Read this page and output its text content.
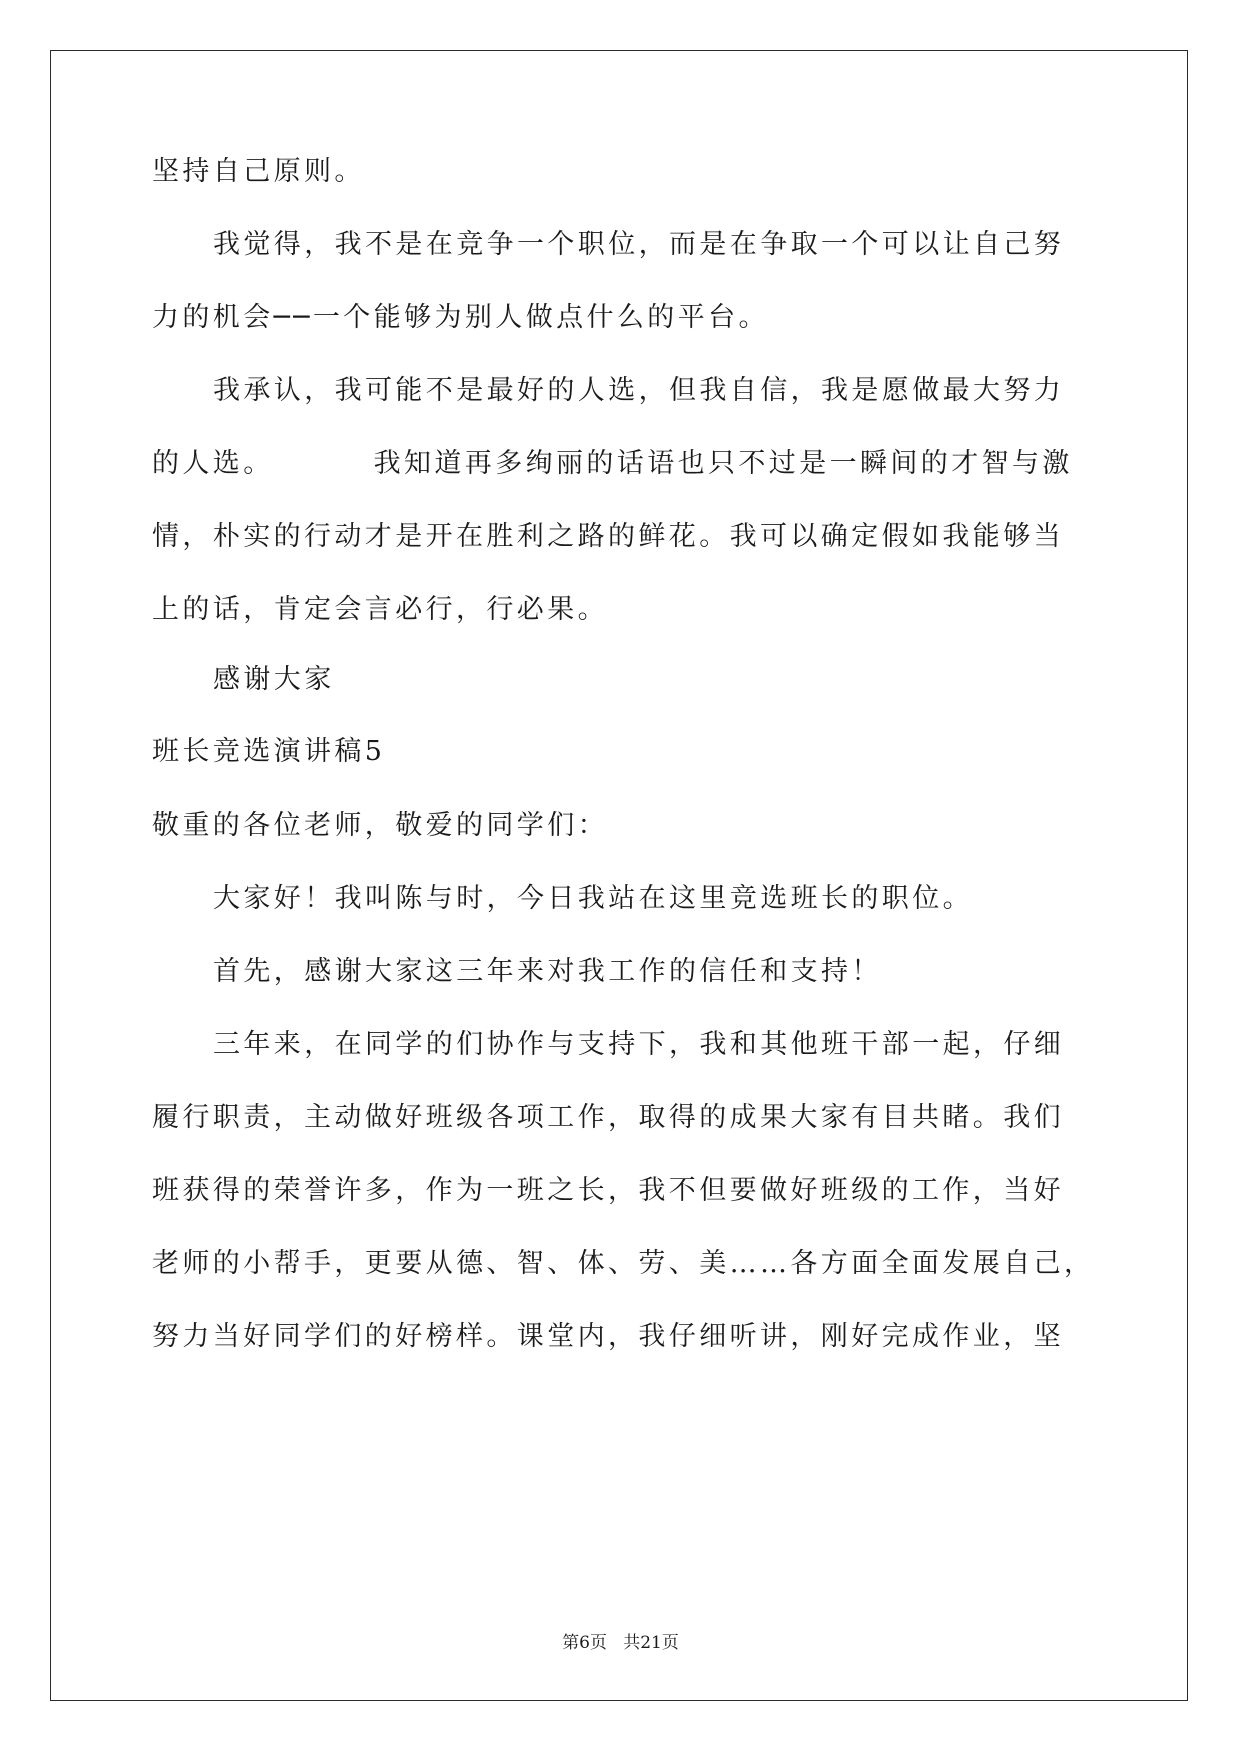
坚持自己原则。
我觉得，我不是在竞争一个职位，而是在争取一个可以让自己努
力的机会──一个能够为别人做点什么的平台。
我承认，我可能不是最好的人选，但我自信，我是愿做最大努力
的人选。	我知道再多绚丽的话语也只不过是一瞬间的才智与激
情，朴实的行动才是开在胜利之路的鲜花。我可以确定假如我能够当
上的话，肯定会言必行，行必果。
感谢大家
班长竞选演讲稿5
敬重的各位老师，敬爱的同学们：
大家好！我叫陈与时，今日我站在这里竞选班长的职位。
首先，感谢大家这三年来对我工作的信任和支持！
三年来，在同学的们协作与支持下，我和其他班干部一起，仔细
履行职责，主动做好班级各项工作，取得的成果大家有目共睹。我们
班获得的荣誉许多，作为一班之长，我不但要做好班级的工作，当好
老师的小帮手，更要从德、智、体、劳、美……各方面全面发展自己，
努力当好同学们的好榜样。课堂内，我仔细听讲，刚好完成作业，坚
第6页 共21页
